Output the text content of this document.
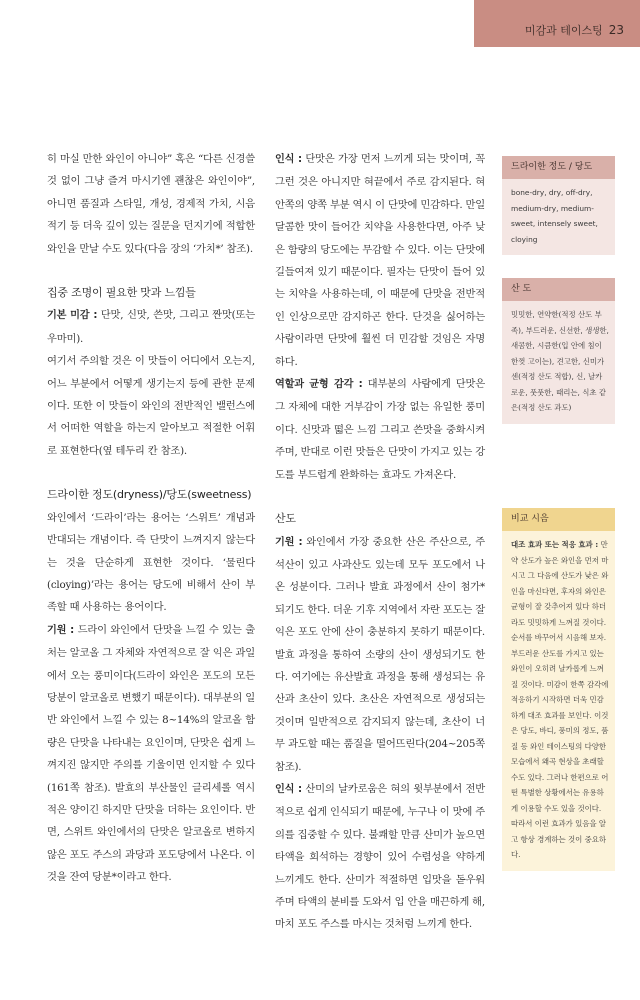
미감과 테이스팅 23

히 마실 만한 와인이 아니야” 혹은 “다른 신경쓸 것 없이 그냥 즐겨 마시기엔 괜찮은 와인이야”, 아니면 품질과 스타일, 개성, 경제적 가치, 시음 적기 등 더욱 깊이 있는 질문을 던지기에 적합한 와인을 만날 수도 있다(다음 장의 ‘가치*’ 참조).

집중 조명이 필요한 맛과 느낌들

기본 미감 : 단맛, 신맛, 쓴맛, 그리고 짠맛(또는 우마미).

여기서 주의할 것은 이 맛들이 어디에서 오는지, 어느 부분에서 어떻게 생기는지 등에 관한 문제이다. 또한 이 맛들이 와인의 전반적인 밸런스에서 어떠한 역할을 하는지 알아보고 적절한 어휘로 표현한다(옆 테두리 칸 참조).

드라이한 정도(dryness)/당도(sweetness)

와인에서 ‘드라이’라는 용어는 ‘스위트’ 개념과 반대되는 개념이다. 즉 단맛이 느껴지지 않는다는 것을 단순하게 표현한 것이다. ‘물린다(cloying)’라는 용어는 당도에 비해서 산이 부족할 때 사용하는 용어이다.

기원 : 드라이 와인에서 단맛을 느낄 수 있는 출처는 알코올 그 자체와 자연적으로 잘 익은 과일에서 오는 풍미이다(드라이 와인은 포도의 모든 당분이 알코올로 변했기 때문이다). 대부분의 일반 와인에서 느낄 수 있는 8~14%의 알코올 함량은 단맛을 나타내는 요인이며, 단맛은 쉽게 느껴지진 않지만 주의를 기울이면 인지할 수 있다(161쪽 참조). 발효의 부산물인 글리세롤 역시 적은 양이긴 하지만 단맛을 더하는 요인이다. 반면, 스위트 와인에서의 단맛은 알코올로 변하지 않은 포도 주스의 과당과 포도당에서 나온다. 이것을 잔여 당분*이라고 한다.

인식 : 단맛은 가장 먼저 느끼게 되는 맛이며, 꼭 그런 것은 아니지만 혀끝에서 주로 감지된다. 혀 안쪽의 양쪽 부분 역시 이 단맛에 민감하다. 만일 달콤한 맛이 들어간 치약을 사용한다면, 아주 낮은 함량의 당도에는 무감할 수 있다. 이는 단맛에 길들여져 있기 때문이다. 필자는 단맛이 들어 있는 치약을 사용하는데, 이 때문에 단맛을 전반적인 인상으로만 감지하곤 한다. 단것을 싫어하는 사람이라면 단맛에 훨씬 더 민감할 것임은 자명하다.

역할과 균형 감각 : 대부분의 사람에게 단맛은 그 자체에 대한 거부감이 가장 없는 유일한 풍미이다. 신맛과 떫은 느낌 그리고 쓴맛을 중화시켜 주며, 반대로 이런 맛들은 단맛이 가지고 있는 강도를 부드럽게 완화하는 효과도 가져온다.

산도

기원 : 와인에서 가장 중요한 산은 주산으로, 주석산이 있고 사과산도 있는데 모두 포도에서 나온 성분이다. 그러나 발효 과정에서 산이 첨가*되기도 한다. 더운 기후 지역에서 자란 포도는 잘 익은 포도 안에 산이 충분하지 못하기 때문이다. 발효 과정을 통하여 소량의 산이 생성되기도 한다. 여기에는 유산발효 과정을 통해 생성되는 유산과 초산이 있다. 초산은 자연적으로 생성되는 것이며 일반적으로 감지되지 않는데, 초산이 너무 과도할 때는 품질을 떨어뜨린다(204~205쪽 참조).

인식 : 산미의 날카로움은 혀의 윗부분에서 전반적으로 쉽게 인식되기 때문에, 누구나 이 맛에 주의를 집중할 수 있다. 불쾌할 만큼 산미가 높으면 타액을 희석하는 경향이 있어 수렴성을 약하게 느끼게도 한다. 산미가 적절하면 입맛을 돋우워 주며 타액의 분비를 도와서 입 안을 매끈하게 해, 마치 포도 주스를 마시는 것처럼 느끼게 한다.

드라이한 정도 / 당도
bone-dry, dry, off-dry, medium-dry, medium-sweet, intensely sweet, cloying
산 도
밋밋한, 연약한(적정 산도 부족), 부드러운, 신선한, 생생한, 새콤한, 시큼한(입 안에 침이 한껏 고이는), 견고한, 신미가 센(적정 산도 적합), 신, 날카로운, 풋풋한, 때리는, 식초 같은(적정 산도 과도)
비교 시음
대조 효과 또는 적응 효과 : 만약 산도가 높은 와인을 먼저 마시고 그 다음에 산도가 낮은 와인을 마신다면, 후자의 와인은 균형이 잘 갖추어져 있다 하더라도 밋밋하게 느껴질 것이다. 순서를 바꾸어서 시음해 보자. 부드러운 산도를 가지고 있는 와인이 오히려 날카롭게 느껴질 것이다. 미감이 한쪽 감각에 적응하기 시작하면 더욱 민감하게 대조 효과를 보인다. 이것은 당도, 바디, 풍미의 정도, 품질 등 와인 테이스팅의 다양한 모습에서 왜곡 현상을 초래할 수도 있다. 그러나 한편으로 어떤 특별한 상황에서는 유용하게 이용할 수도 있을 것이다. 따라서 이런 효과가 있음을 알고 항상 경계하는 것이 중요하다.
